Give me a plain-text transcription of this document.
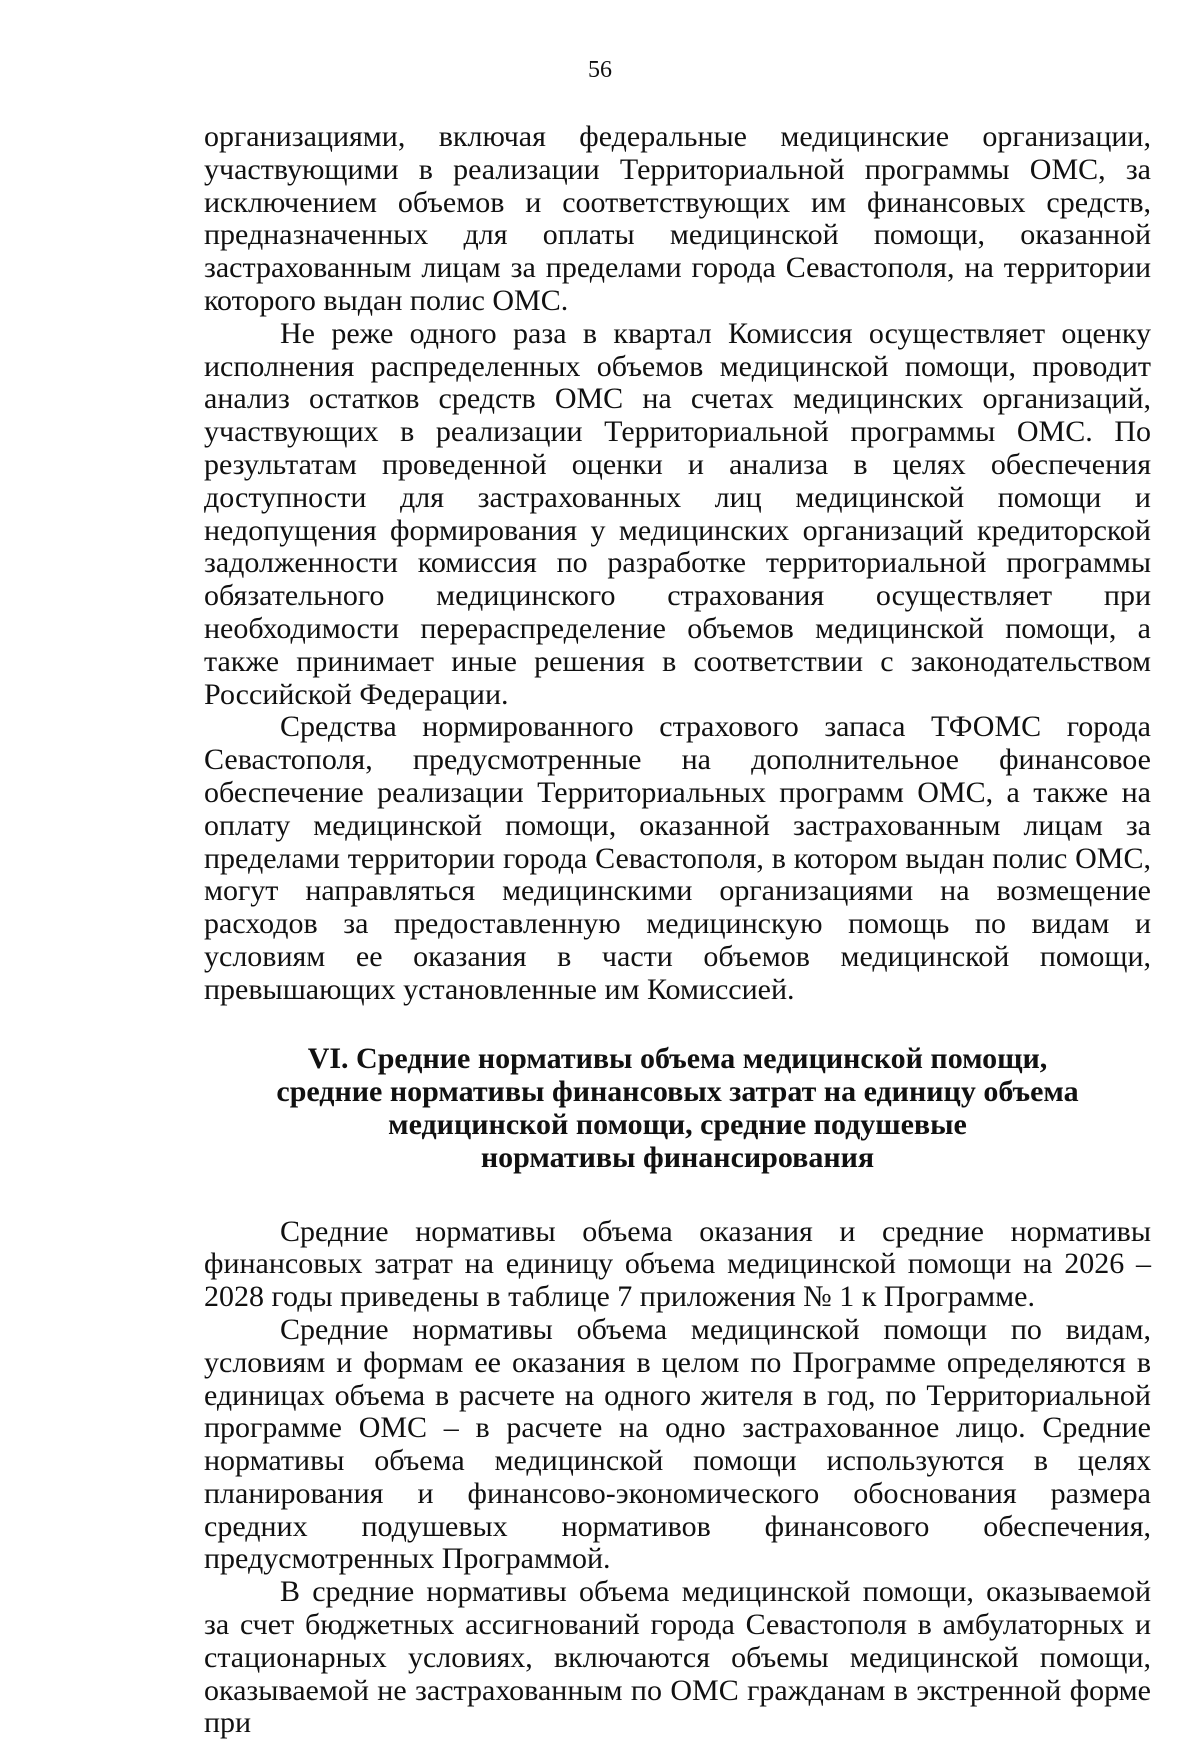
56

организациями, включая федеральные медицинские организации, участвующими в реализации Территориальной программы ОМС, за исключением объемов и соответствующих им финансовых средств, предназначенных для оплаты медицинской помощи, оказанной застрахованным лицам за пределами города Севастополя, на территории которого выдан полис ОМС.

Не реже одного раза в квартал Комиссия осуществляет оценку исполнения распределенных объемов медицинской помощи, проводит анализ остатков средств ОМС на счетах медицинских организаций, участвующих в реализации Территориальной программы ОМС. По результатам проведенной оценки и анализа в целях обеспечения доступности для застрахованных лиц медицинской помощи и недопущения формирования у медицинских организаций кредиторской задолженности комиссия по разработке территориальной программы обязательного медицинского страхования осуществляет при необходимости перераспределение объемов медицинской помощи, а также принимает иные решения в соответствии с законодательством Российской Федерации.

Средства нормированного страхового запаса ТФОМС города Севастополя, предусмотренные на дополнительное финансовое обеспечение реализации Территориальных программ ОМС, а также на оплату медицинской помощи, оказанной застрахованным лицам за пределами территории города Севастополя, в котором выдан полис ОМС, могут направляться медицинскими организациями на возмещение расходов за предоставленную медицинскую помощь по видам и условиям ее оказания в части объемов медицинской помощи, превышающих установленные им Комиссией.

VI. Средние нормативы объема медицинской помощи,

средние нормативы финансовых затрат на единицу объема

медицинской помощи, средние подушевые

нормативы финансирования

Средние нормативы объема оказания и средние нормативы финансовых затрат на единицу объема медицинской помощи на 2026 – 2028 годы приведены в таблице 7 приложения № 1 к Программе.

Средние нормативы объема медицинской помощи по видам, условиям и формам ее оказания в целом по Программе определяются в единицах объема в расчете на одного жителя в год, по Территориальной программе ОМС – в расчете на одно застрахованное лицо. Средние нормативы объема медицинской помощи используются в целях планирования и финансово-экономического обоснования размера средних подушевых нормативов финансового обеспечения, предусмотренных Программой.

В средние нормативы объема медицинской помощи, оказываемой за счет бюджетных ассигнований города Севастополя в амбулаторных и стационарных условиях, включаются объемы медицинской помощи, оказываемой не застрахованным по ОМС гражданам в экстренной форме при
